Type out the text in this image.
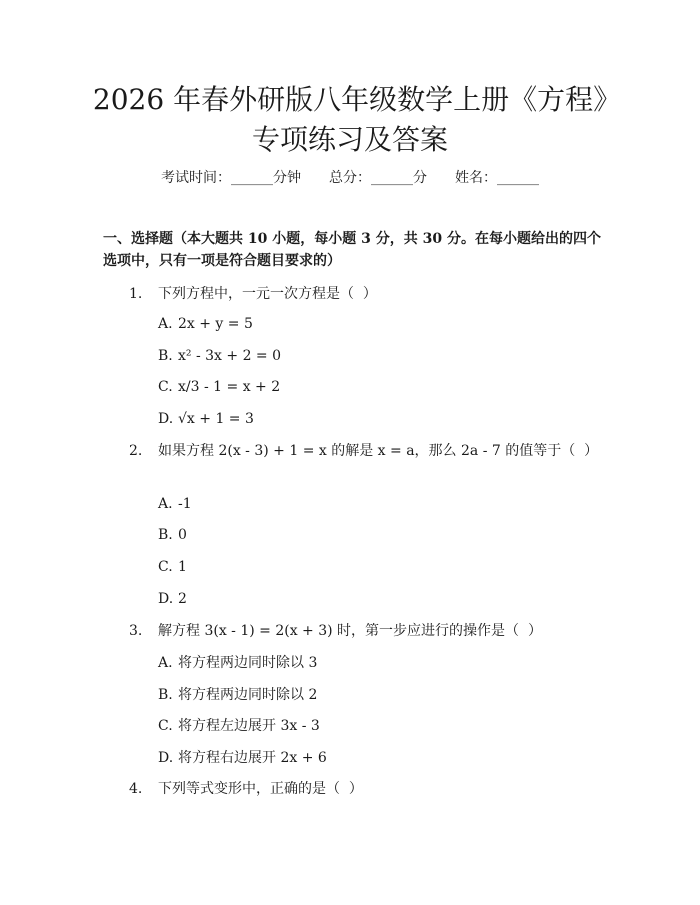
2026 年春外研版八年级数学上册《方程》专项练习及答案
考试时间：______分钟 总分：______分 姓名：______
一、选择题（本大题共 10 小题，每小题 3 分，共 30 分。在每小题给出的四个选项中，只有一项是符合题目要求的）
1. 下列方程中，一元一次方程是（  ）
A. 2x + y = 5
B. x² - 3x + 2 = 0
C. x/3 - 1 = x + 2
D. √x + 1 = 3
2. 如果方程 2(x - 3) + 1 = x 的解是 x = a，那么 2a - 7 的值等于（  ）
A. -1
B. 0
C. 1
D. 2
3. 解方程 3(x - 1) = 2(x + 3) 时，第一步应进行的操作是（  ）
A. 将方程两边同时除以 3
B. 将方程两边同时除以 2
C. 将方程左边展开 3x - 3
D. 将方程右边展开 2x + 6
4. 下列等式变形中，正确的是（  ）
